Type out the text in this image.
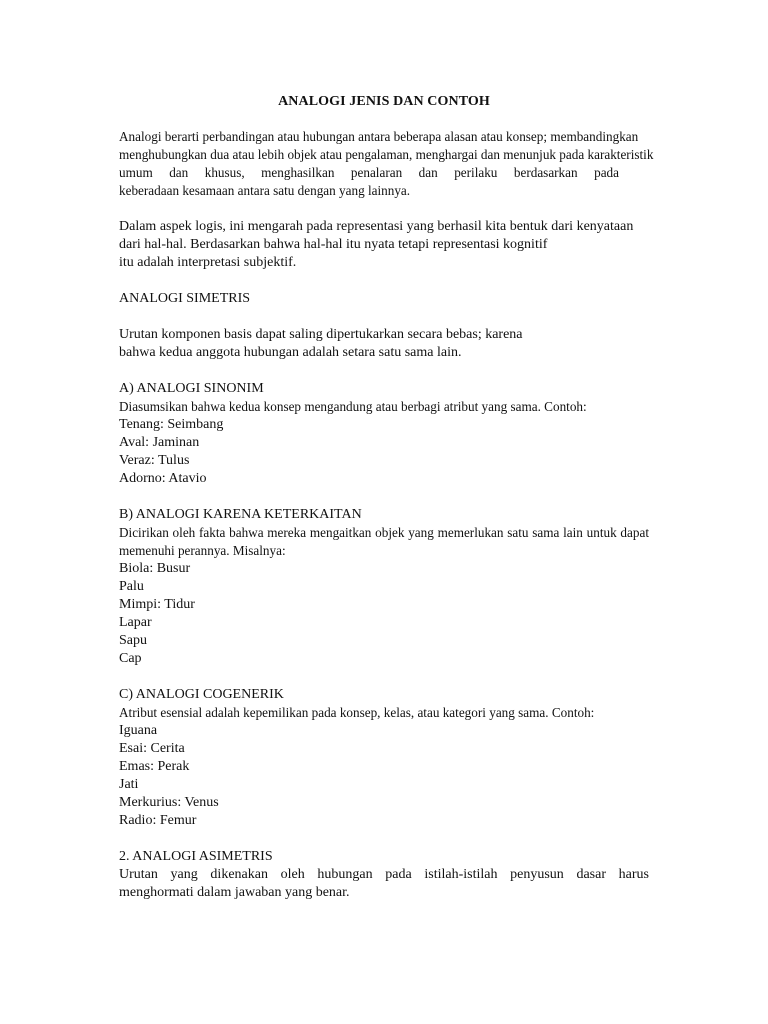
ANALOGI JENIS DAN CONTOH

Analogi berarti perbandingan atau hubungan antara beberapa alasan atau konsep; membandingkan
menghubungkan dua atau lebih objek atau pengalaman, menghargai dan menunjuk pada karakteristik
umum dan khusus, menghasilkan penalaran dan perilaku berdasarkan pada
keberadaan kesamaan antara satu dengan yang lainnya.

Dalam aspek logis, ini mengarah pada representasi yang berhasil kita bentuk dari kenyataan
dari hal-hal. Berdasarkan bahwa hal-hal itu nyata tetapi representasi kognitif
itu adalah interpretasi subjektif.

ANALOGI SIMETRIS

Urutan komponen basis dapat saling dipertukarkan secara bebas; karena
bahwa kedua anggota hubungan adalah setara satu sama lain.

A) ANALOGI SINONIM

Diasumsikan bahwa kedua konsep mengandung atau berbagi atribut yang sama. Contoh:

Tenang: Seimbang
Aval: Jaminan
Veraz: Tulus
Adorno: Atavio
B) ANALOGI KARENA KETERKAITAN

Dicirikan oleh fakta bahwa mereka mengaitkan objek yang memerlukan satu sama lain untuk dapat
memenuhi perannya. Misalnya:

Biola: Busur
Palu
Mimpi: Tidur
Lapar
Sapu
Cap
C) ANALOGI COGENERIK

Atribut esensial adalah kepemilikan pada konsep, kelas, atau kategori yang sama. Contoh:

Iguana
Esai: Cerita
Emas: Perak
Jati
Merkurius: Venus
Radio: Femur
2. ANALOGI ASIMETRIS

Urutan yang dikenakan oleh hubungan pada istilah-istilah penyusun dasar harus
menghormati dalam jawaban yang benar.
